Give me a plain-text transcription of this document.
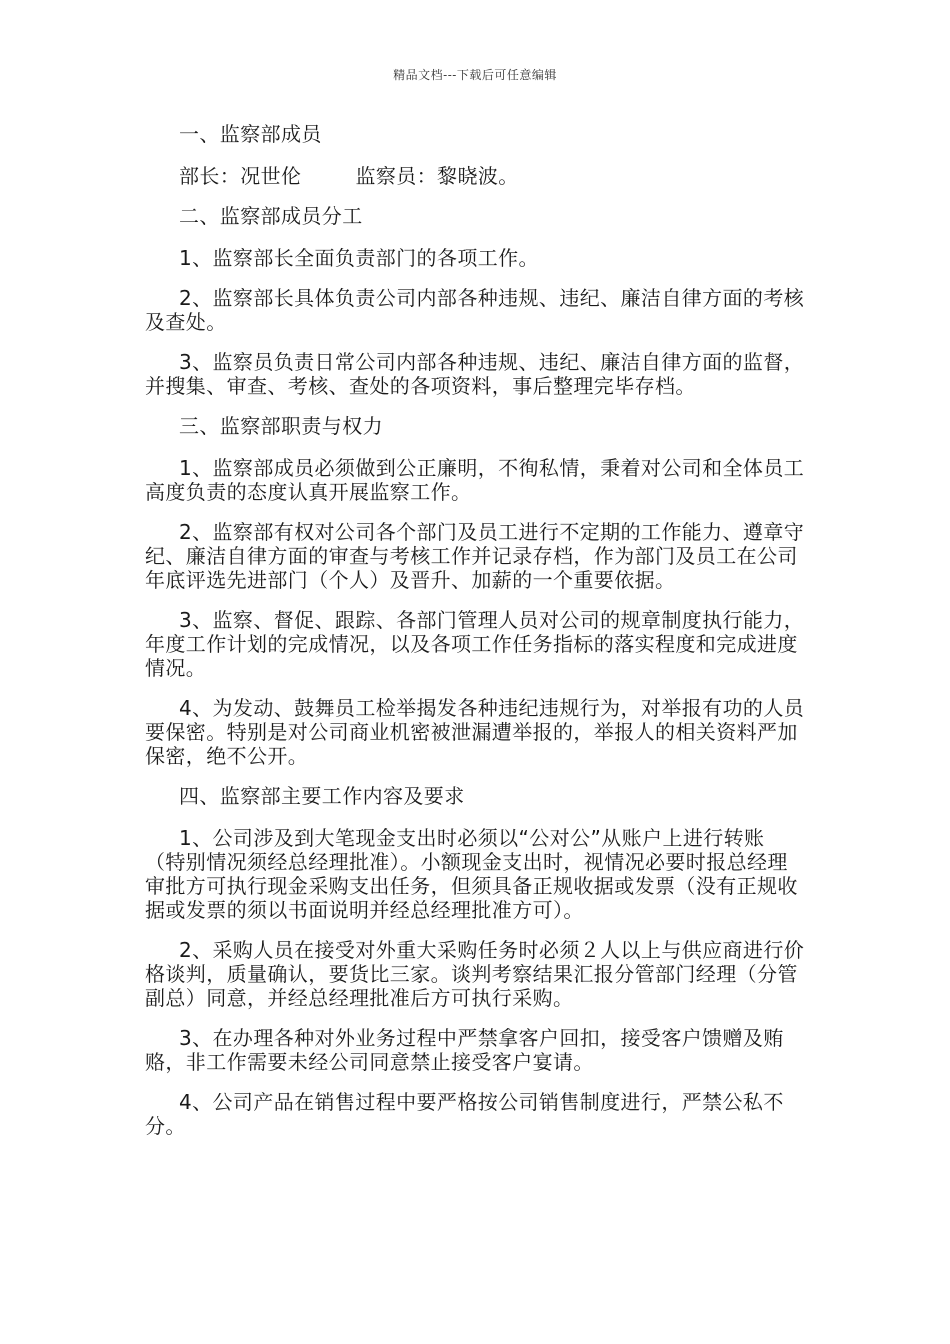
精品文档---下载后可任意编辑

一、监察部成员

部长：况世伦        监察员：黎晓波。

二、监察部成员分工

1、监察部长全面负责部门的各项工作。

2、监察部长具体负责公司内部各种违规、违纪、廉洁自律方面的考核及查处。

3、监察员负责日常公司内部各种违规、违纪、廉洁自律方面的监督，并搜集、审查、考核、查处的各项资料，事后整理完毕存档。

三、监察部职责与权力

1、监察部成员必须做到公正廉明，不徇私情，秉着对公司和全体员工高度负责的态度认真开展监察工作。

2、监察部有权对公司各个部门及员工进行不定期的工作能力、遵章守纪、廉洁自律方面的审查与考核工作并记录存档，作为部门及员工在公司年底评选先进部门（个人）及晋升、加薪的一个重要依据。

3、监察、督促、跟踪、各部门管理人员对公司的规章制度执行能力，年度工作计划的完成情况，以及各项工作任务指标的落实程度和完成进度情况。

4、为发动、鼓舞员工检举揭发各种违纪违规行为，对举报有功的人员要保密。特别是对公司商业机密被泄漏遭举报的，举报人的相关资料严加保密，绝不公开。

四、监察部主要工作内容及要求

1、公司涉及到大笔现金支出时必须以“公对公”从账户上进行转账（特别情况须经总经理批准）。小额现金支出时，视情况必要时报总经理审批方可执行现金采购支出任务，但须具备正规收据或发票（没有正规收据或发票的须以书面说明并经总经理批准方可）。

2、采购人员在接受对外重大采购任务时必须２人以上与供应商进行价格谈判，质量确认，要货比三家。谈判考察结果汇报分管部门经理（分管副总）同意，并经总经理批准后方可执行采购。

3、在办理各种对外业务过程中严禁拿客户回扣，接受客户馈赠及贿赂，非工作需要未经公司同意禁止接受客户宴请。

4、公司产品在销售过程中要严格按公司销售制度进行，严禁公私不分。
